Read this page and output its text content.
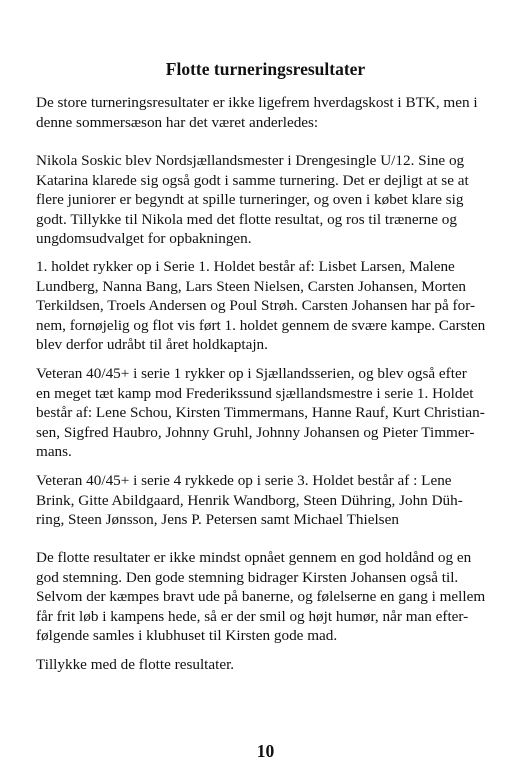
Flotte turneringsresultater

De store turneringsresultater er ikke ligefrem hverdagskost i BTK, men i
denne sommersæson har det været anderledes:

Nikola Soskic blev Nordsjællandsmester i Drengesingle U/12. Sine og
Katarina klarede sig også godt i samme turnering. Det er dejligt at se at
flere juniorer er begyndt at spille turneringer, og oven i købet klare sig
godt. Tillykke til Nikola med det flotte resultat, og ros til trænerne og
ungdomsudvalget for opbakningen.

1. holdet rykker op i Serie 1. Holdet består af: Lisbet Larsen, Malene
Lundberg, Nanna Bang, Lars Steen Nielsen, Carsten Johansen, Morten
Terkildsen, Troels Andersen og Poul Strøh. Carsten Johansen har på for-
nem, fornøjelig og flot vis ført 1. holdet gennem de svære kampe. Carsten
blev derfor udråbt til året holdkaptajn.

Veteran 40/45+ i serie 1 rykker op i Sjællandsserien, og blev også efter
en meget tæt kamp mod Frederikssund sjællandsmestre i serie 1. Holdet
består af: Lene Schou, Kirsten Timmermans, Hanne Rauf, Kurt Christian-
sen, Sigfred Haubro, Johnny Gruhl, Johnny Johansen og Pieter Timmer-
mans.

Veteran 40/45+ i serie 4 rykkede op i serie 3. Holdet består af : Lene
Brink, Gitte Abildgaard, Henrik Wandborg, Steen Dühring, John Düh-
ring, Steen Jønsson, Jens P. Petersen samt Michael Thielsen

De flotte resultater er ikke mindst opnået gennem en god holdånd og en
god stemning. Den gode stemning bidrager Kirsten Johansen også til.
Selvom der kæmpes bravt ude på banerne, og følelserne en gang i mellem
får frit løb i kampens hede, så er der smil og højt humør, når man efter-
følgende samles i klubhuset til Kirsten gode mad.

Tillykke med de flotte resultater.

10
